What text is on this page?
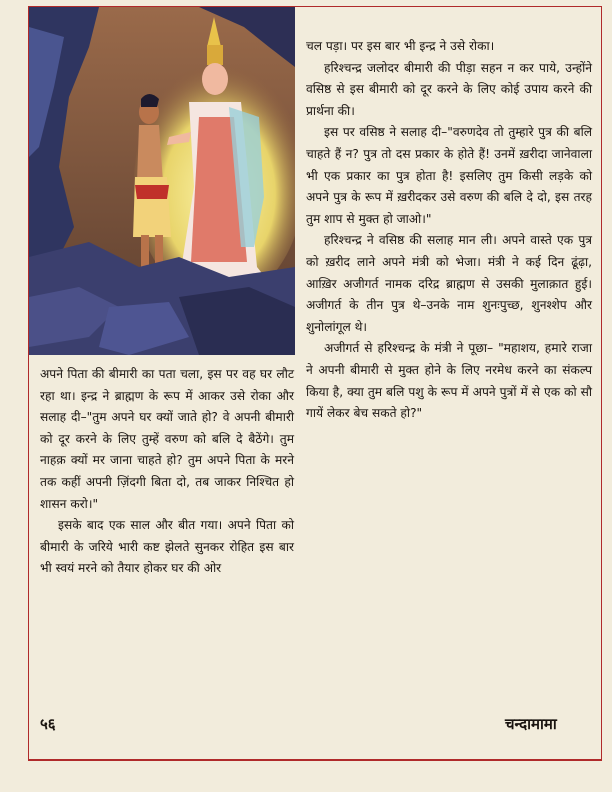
चल पड़ा। पर इस बार भी इन्द्र ने उसे रोका।

हरिश्चन्द्र जलोदर बीमारी की पीड़ा सहन न कर पाये, उन्होंने वसिष्ठ से इस बीमारी को दूर करने के लिए कोई उपाय करने की प्रार्थना की।

इस पर वसिष्ठ ने सलाह दी–"वरुणदेव तो तुम्हारे पुत्र की बलि चाहते हैं न? पुत्र तो दस प्रकार के होते हैं! उनमें ख़रीदा जानेवाला भी एक प्रकार का पुत्र होता है! इसलिए तुम किसी लड़के को अपने पुत्र के रूप में ख़रीदकर उसे वरुण की बलि दे दो, इस तरह तुम शाप से मुक्त हो जाओ।"

हरिश्चन्द्र ने वसिष्ठ की सलाह मान ली। अपने वास्ते एक पुत्र को ख़रीद लाने अपने मंत्री को भेजा। मंत्री ने कई दिन ढूंढ़ा, आख़िर अजीगर्त नामक दरिद्र ब्राह्मण से उसकी मुलाक़ात हुई। अजीगर्त के तीन पुत्र थे–उनके नाम शुनःपुच्छ, शुनश्शेप और शुनोलांगूल थे।

अजीगर्त से हरिश्चन्द्र के मंत्री ने पूछा– "महाशय, हमारे राजा ने अपनी बीमारी से मुक्त होने के लिए नरमेध करने का संकल्प किया है, क्या तुम बलि पशु के रूप में अपने पुत्रों में से एक को सौ गायें लेकर बेच सकते हो?"

अपने पिता की बीमारी का पता चला, इस पर वह घर लौट रहा था। इन्द्र ने ब्राह्मण के रूप में आकर उसे रोका और सलाह दी–"तुम अपने घर क्यों जाते हो? वे अपनी बीमारी को दूर करने के लिए तुम्हें वरुण को बलि दे बैठेंगे। तुम नाहक़ क्यों मर जाना चाहते हो? तुम अपने पिता के मरने तक कहीं अपनी ज़िंदगी बिता दो, तब जाकर निश्चित हो शासन करो।"

इसके बाद एक साल और बीत गया। अपने पिता को बीमारी के जरिये भारी कष्ट झेलते सुनकर रोहित इस बार भी स्वयं मरने को तैयार होकर घर की ओर

५६	चन्दामामा
